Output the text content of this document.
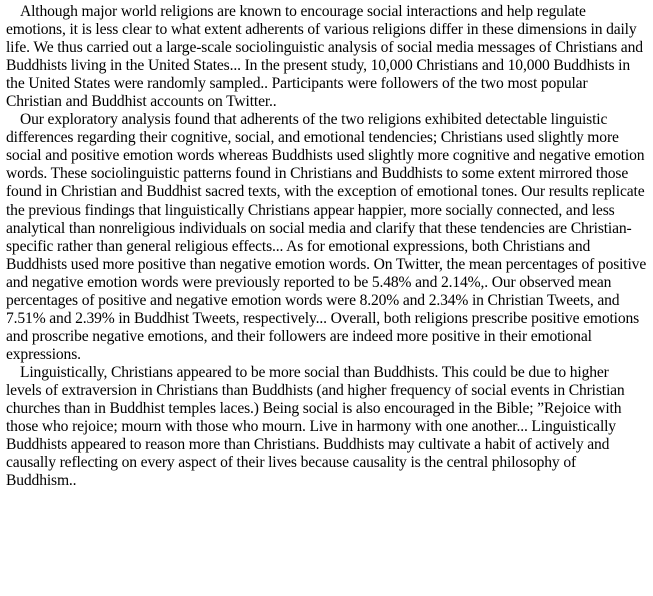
Although major world religions are known to encourage social interactions and help regulate emotions, it is less clear to what extent adherents of various religions differ in these dimensions in daily life. We thus carried out a large-scale sociolinguistic analysis of social media messages of Christians and Buddhists living in the United States... In the present study, 10,000 Christians and 10,000 Buddhists in the United States were randomly sampled.. Participants were followers of the two most popular Christian and Buddhist accounts on Twitter..

Our exploratory analysis found that adherents of the two religions exhibited detectable linguistic differences regarding their cognitive, social, and emotional tendencies; Christians used slightly more social and positive emotion words whereas Buddhists used slightly more cognitive and negative emotion words. These sociolinguistic patterns found in Christians and Buddhists to some extent mirrored those found in Christian and Buddhist sacred texts, with the exception of emotional tones. Our results replicate the previous findings that linguistically Christians appear happier, more socially connected, and less analytical than nonreligious individuals on social media and clarify that these tendencies are Christian-specific rather than general religious effects... As for emotional expressions, both Christians and Buddhists used more positive than negative emotion words. On Twitter, the mean percentages of positive and negative emotion words were previously reported to be 5.48% and 2.14%,. Our observed mean percentages of positive and negative emotion words were 8.20% and 2.34% in Christian Tweets, and 7.51% and 2.39% in Buddhist Tweets, respectively... Overall, both religions prescribe positive emotions and proscribe negative emotions, and their followers are indeed more positive in their emotional expressions.

Linguistically, Christians appeared to be more social than Buddhists. This could be due to higher levels of extraversion in Christians than Buddhists (and higher frequency of social events in Christian churches than in Buddhist temples laces.) Being social is also encouraged in the Bible; ”Rejoice with those who rejoice; mourn with those who mourn. Live in harmony with one another... Linguistically Buddhists appeared to reason more than Christians. Buddhists may cultivate a habit of actively and causally reflecting on every aspect of their lives because causality is the central philosophy of Buddhism..
